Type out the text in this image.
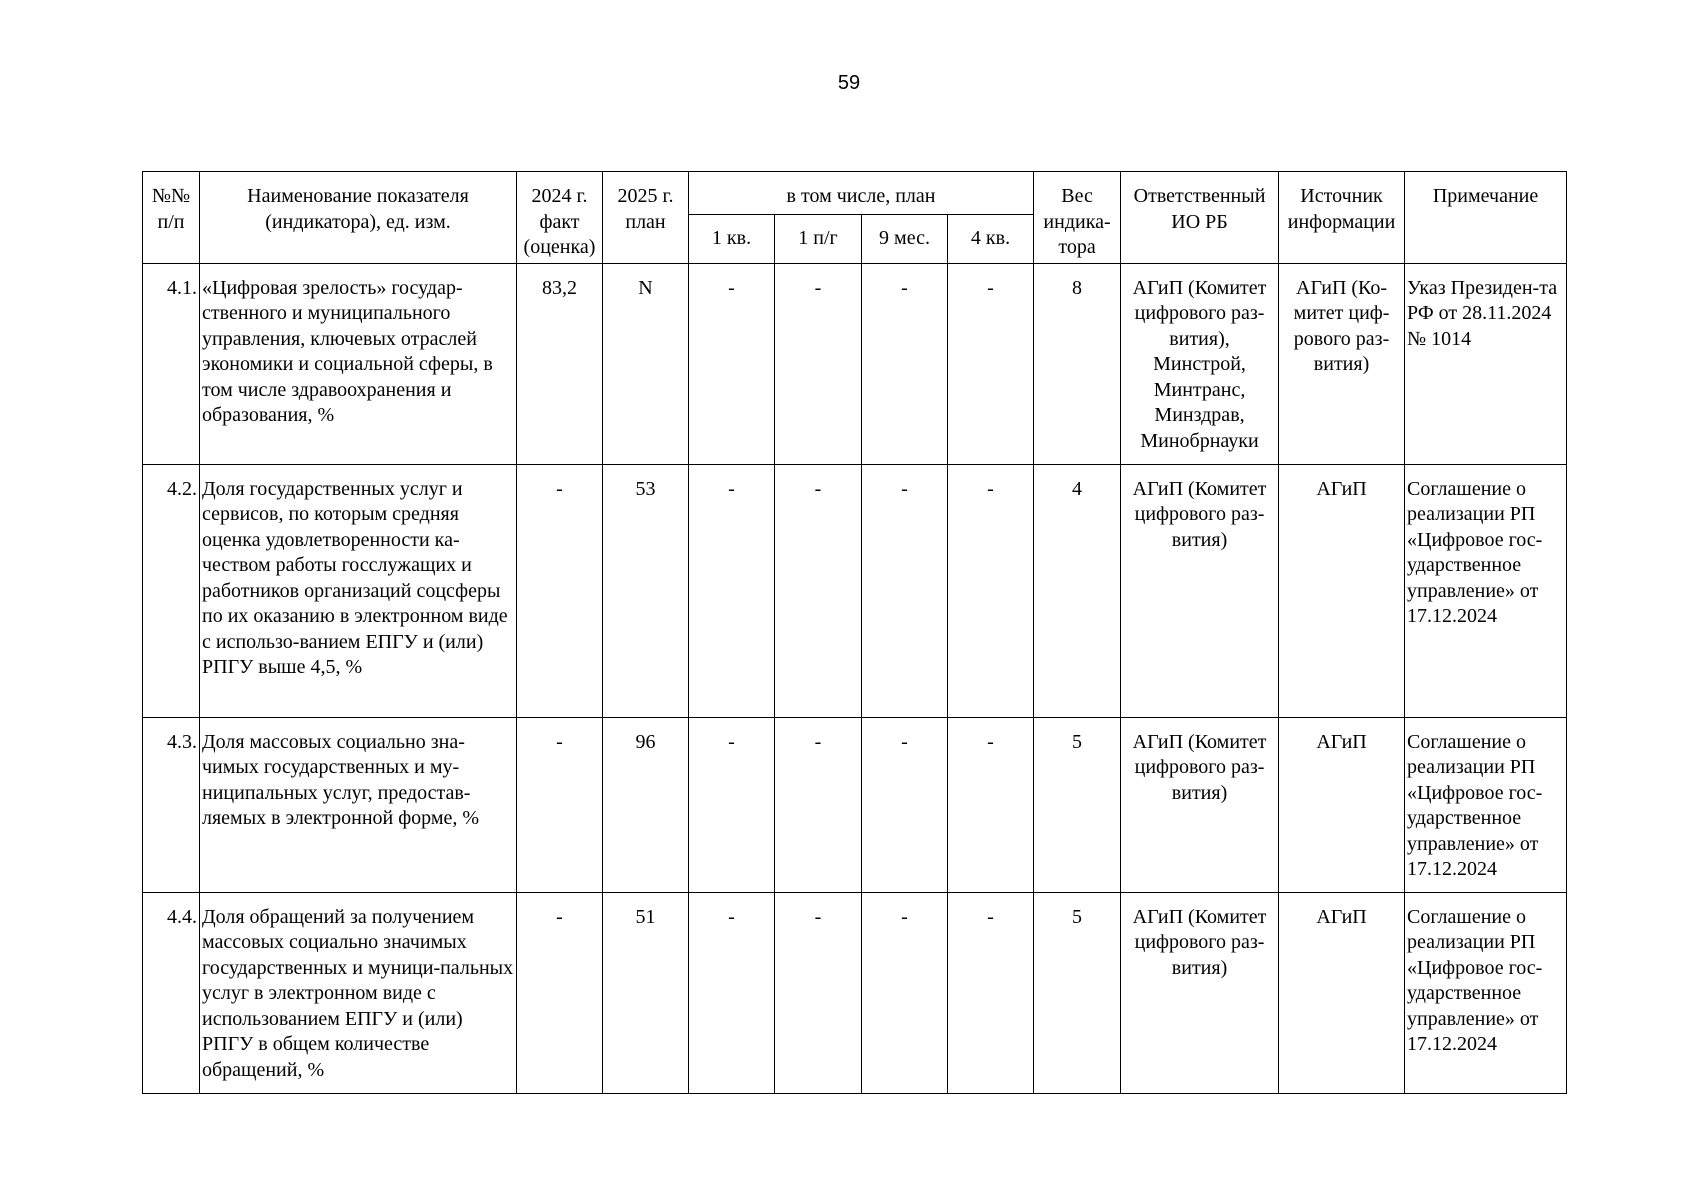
59
№№ п/п	Наименование показателя (индикатора), ед. изм.	2024 г. факт (оценка)	2025 г. план	в том числе, план				Вес индика-тора	Ответственный ИО РБ	Источник информации	Примечание
				1 кв.	1 п/г	9 мес.	4 кв.				
4.1.	«Цифровая зрелость» государ-ственного и муниципального управления, ключевых отраслей экономики и социальной сферы, в том числе здравоохранения и образования, %	83,2	N	-	-	-	-	8	АГиП (Комитет цифрового раз-вития), Минстрой, Минтранс, Минздрав, Минобрнауки	АГиП (Ко-митет циф-рового раз-вития)	Указ Президен-та РФ от 28.11.2024 № 1014
4.2.	Доля государственных услуг и сервисов, по которым средняя оценка удовлетворенности ка-чеством работы госслужащих и работников организаций соцсферы по их оказанию в электронном виде с использо-ванием ЕПГУ и (или) РПГУ выше 4,5, %	-	53	-	-	-	-	4	АГиП (Комитет цифрового раз-вития)	АГиП	Соглашение о реализации РП «Цифровое гос-ударственное управление» от 17.12.2024
4.3.	Доля массовых социально зна-чимых государственных и му-ниципальных услуг, предостав-ляемых в электронной форме, %	-	96	-	-	-	-	5	АГиП (Комитет цифрового раз-вития)	АГиП	Соглашение о реализации РП «Цифровое гос-ударственное управление» от 17.12.2024
4.4.	Доля обращений за получением массовых социально значимых государственных и муници-пальных услуг в электронном виде с использованием ЕПГУ и (или) РПГУ в общем количестве обращений, %	-	51	-	-	-	-	5	АГиП (Комитет цифрового раз-вития)	АГиП	Соглашение о реализации РП «Цифровое гос-ударственное управление» от 17.12.2024
